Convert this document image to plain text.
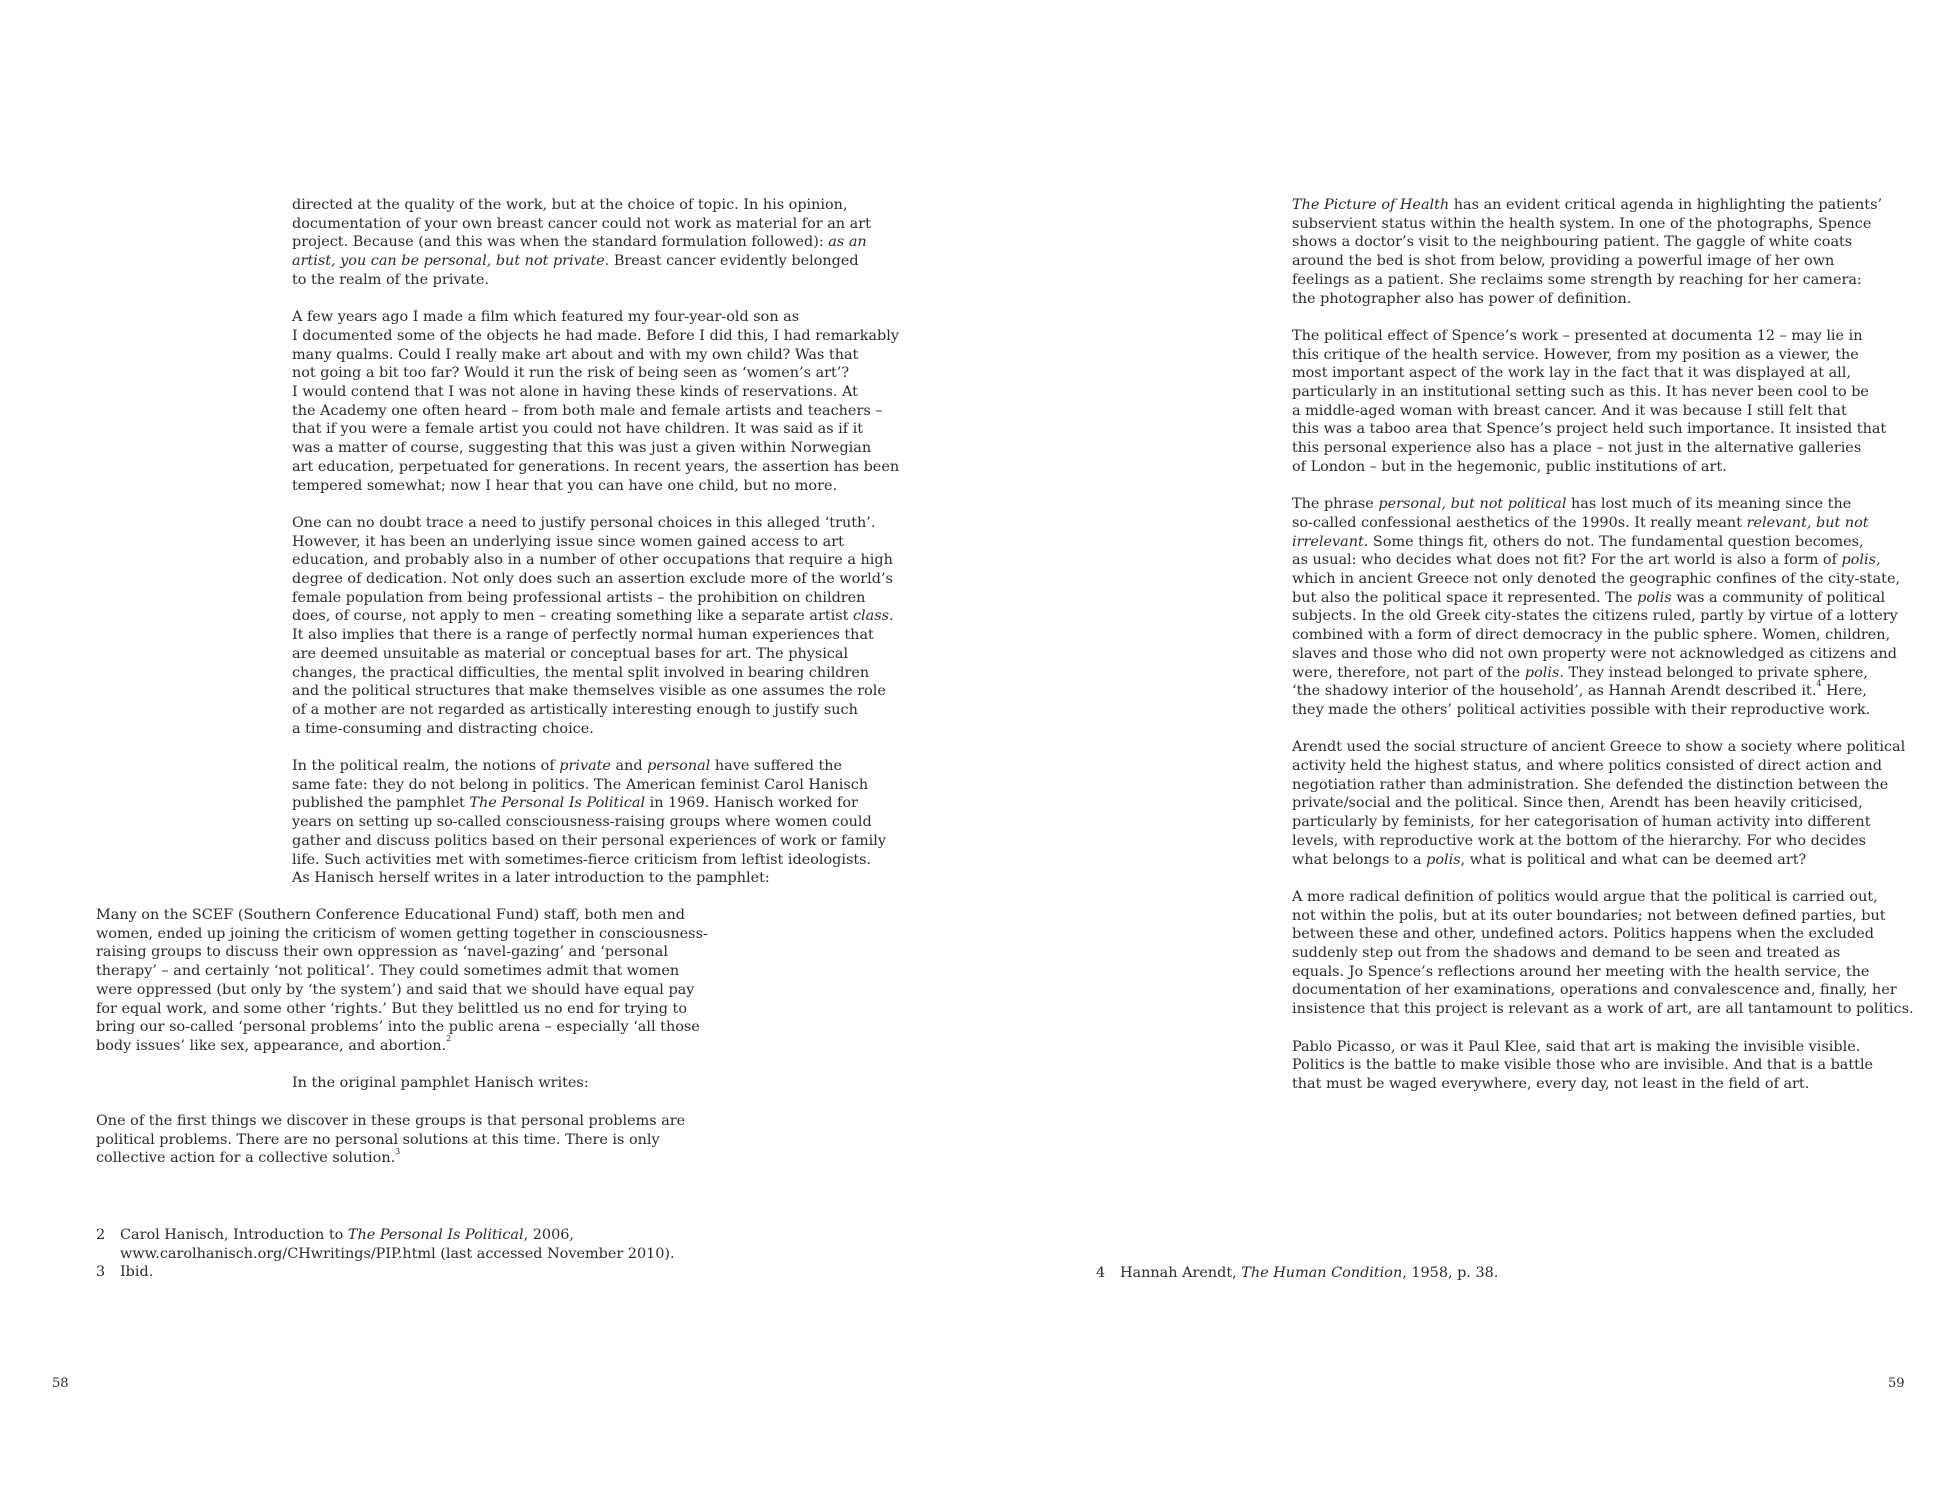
directed at the quality of the work, but at the choice of topic. In his opinion,
documentation of your own breast cancer could not work as material for an art
project. Because (and this was when the standard formulation followed): as an
artist, you can be personal, but not private. Breast cancer evidently belonged
to the realm of the private.
A few years ago I made a film which featured my four-year-old son as
I documented some of the objects he had made. Before I did this, I had remarkably
many qualms. Could I really make art about and with my own child? Was that
not going a bit too far? Would it run the risk of being seen as ‘women’s art’?
I would contend that I was not alone in having these kinds of reservations. At
the Academy one often heard – from both male and female artists and teachers –
that if you were a female artist you could not have children. It was said as if it
was a matter of course, suggesting that this was just a given within Norwegian
art education, perpetuated for generations. In recent years, the assertion has been
tempered somewhat; now I hear that you can have one child, but no more.
One can no doubt trace a need to justify personal choices in this alleged ‘truth’.
However, it has been an underlying issue since women gained access to art
education, and probably also in a number of other occupations that require a high
degree of dedication. Not only does such an assertion exclude more of the world’s
female population from being professional artists – the prohibition on children
does, of course, not apply to men – creating something like a separate artist class.
It also implies that there is a range of perfectly normal human experiences that
are deemed unsuitable as material or conceptual bases for art. The physical
changes, the practical difficulties, the mental split involved in bearing children
and the political structures that make themselves visible as one assumes the role
of a mother are not regarded as artistically interesting enough to justify such
a time-consuming and distracting choice.
In the political realm, the notions of private and personal have suffered the
same fate: they do not belong in politics. The American feminist Carol Hanisch
published the pamphlet The Personal Is Political in 1969. Hanisch worked for
years on setting up so-called consciousness-raising groups where women could
gather and discuss politics based on their personal experiences of work or family
life. Such activities met with sometimes-fierce criticism from leftist ideologists.
As Hanisch herself writes in a later introduction to the pamphlet:
Many on the SCEF (Southern Conference Educational Fund) staff, both men and
women, ended up joining the criticism of women getting together in consciousness-
raising groups to discuss their own oppression as ‘navel-gazing’ and ‘personal
therapy’ – and certainly ‘not political’. They could sometimes admit that women
were oppressed (but only by ‘the system’) and said that we should have equal pay
for equal work, and some other ‘rights.’ But they belittled us no end for trying to
bring our so-called ‘personal problems’ into the public arena – especially ‘all those
body issues’ like sex, appearance, and abortion.$^2$
In the original pamphlet Hanisch writes:
One of the first things we discover in these groups is that personal problems are
political problems. There are no personal solutions at this time. There is only
collective action for a collective solution.$^3$
2	Carol Hanisch, Introduction to The Personal Is Political, 2006,
www.carolhanisch.org/CHwritings/PIP.html (last accessed November 2010).
3	Ibid.
58
The Picture of Health has an evident critical agenda in highlighting the patients’
subservient status within the health system. In one of the photographs, Spence
shows a doctor’s visit to the neighbouring patient. The gaggle of white coats
around the bed is shot from below, providing a powerful image of her own
feelings as a patient. She reclaims some strength by reaching for her camera:
the photographer also has power of definition.
The political effect of Spence’s work – presented at documenta 12 – may lie in
this critique of the health service. However, from my position as a viewer, the
most important aspect of the work lay in the fact that it was displayed at all,
particularly in an institutional setting such as this. It has never been cool to be
a middle-aged woman with breast cancer. And it was because I still felt that
this was a taboo area that Spence’s project held such importance. It insisted that
this personal experience also has a place – not just in the alternative galleries
of London – but in the hegemonic, public institutions of art.
The phrase personal, but not political has lost much of its meaning since the
so-called confessional aesthetics of the 1990s. It really meant relevant, but not
irrelevant. Some things fit, others do not. The fundamental question becomes,
as usual: who decides what does not fit? For the art world is also a form of polis,
which in ancient Greece not only denoted the geographic confines of the city-state,
but also the political space it represented. The polis was a community of political
subjects. In the old Greek city-states the citizens ruled, partly by virtue of a lottery
combined with a form of direct democracy in the public sphere. Women, children,
slaves and those who did not own property were not acknowledged as citizens and
were, therefore, not part of the polis. They instead belonged to private sphere,
‘the shadowy interior of the household’, as Hannah Arendt described it.$^4$ Here,
they made the others’ political activities possible with their reproductive work.
Arendt used the social structure of ancient Greece to show a society where political
activity held the highest status, and where politics consisted of direct action and
negotiation rather than administration. She defended the distinction between the
private/social and the political. Since then, Arendt has been heavily criticised,
particularly by feminists, for her categorisation of human activity into different
levels, with reproductive work at the bottom of the hierarchy. For who decides
what belongs to a polis, what is political and what can be deemed art?
A more radical definition of politics would argue that the political is carried out,
not within the polis, but at its outer boundaries; not between defined parties, but
between these and other, undefined actors. Politics happens when the excluded
suddenly step out from the shadows and demand to be seen and treated as
equals. Jo Spence’s reflections around her meeting with the health service, the
documentation of her examinations, operations and convalescence and, finally, her
insistence that this project is relevant as a work of art, are all tantamount to politics.
Pablo Picasso, or was it Paul Klee, said that art is making the invisible visible.
Politics is the battle to make visible those who are invisible. And that is a battle
that must be waged everywhere, every day, not least in the field of art.
4	Hannah Arendt, The Human Condition, 1958, p. 38.
59
